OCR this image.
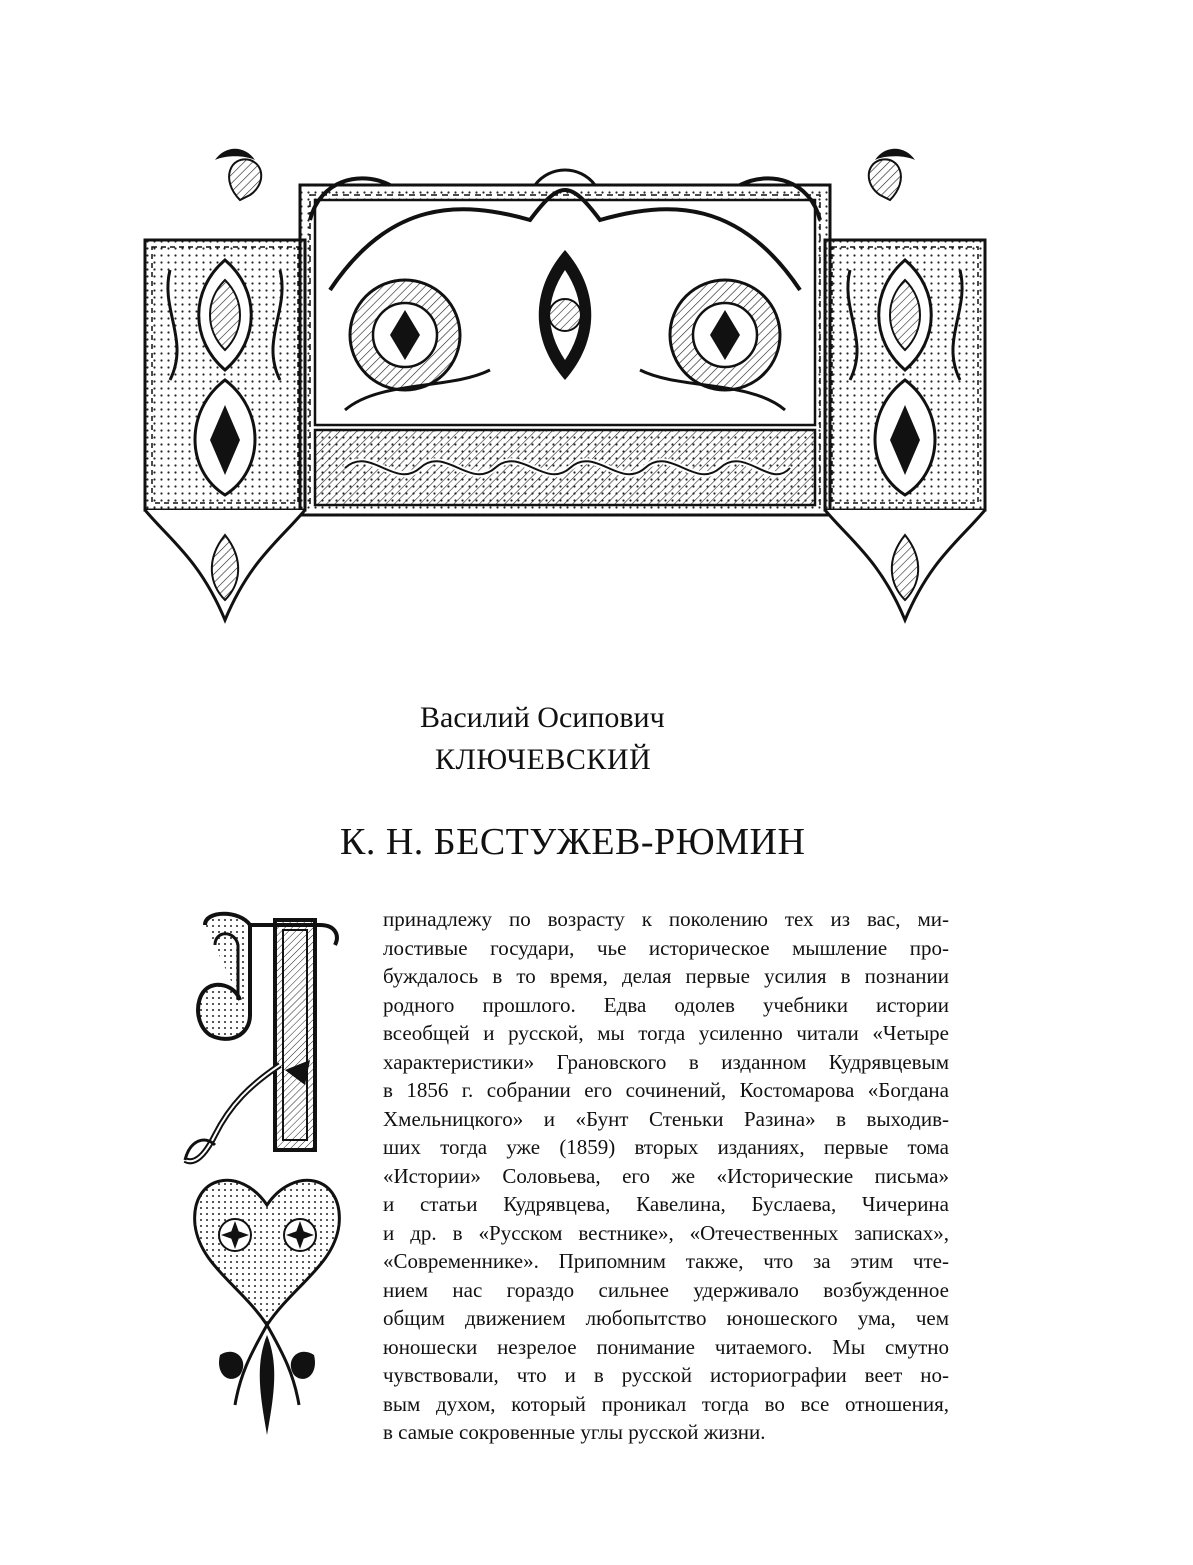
Василий Осипович
КЛЮЧЕВСКИЙ
К. Н. БЕСТУЖЕВ-РЮМИН
принадлежу по возрасту к поколению тех из вас, ми-
лостивые государи, чье историческое мышление про-
буждалось в то время, делая первые усилия в познании
родного прошлого. Едва одолев учебники истории
всеобщей и русской, мы тогда усиленно читали «Четыре
характеристики» Грановского в изданном Кудрявцевым
в 1856 г. собрании его сочинений, Костомарова «Богдана
Хмельницкого» и «Бунт Стеньки Разина» в выходив-
ших тогда уже (1859) вторых изданиях, первые тома
«Истории» Соловьева, его же «Исторические письма»
и статьи Кудрявцева, Кавелина, Буслаева, Чичерина
и др. в «Русском вестнике», «Отечественных записках»,
«Современнике». Припомним также, что за этим чте-
нием нас гораздо сильнее удерживало возбужденное
общим движением любопытство юношеского ума, чем
юношески незрелое понимание читаемого. Мы смутно
чувствовали, что и в русской историографии веет но-
вым духом, который проникал тогда во все отношения,
в самые сокровенные углы русской жизни.
